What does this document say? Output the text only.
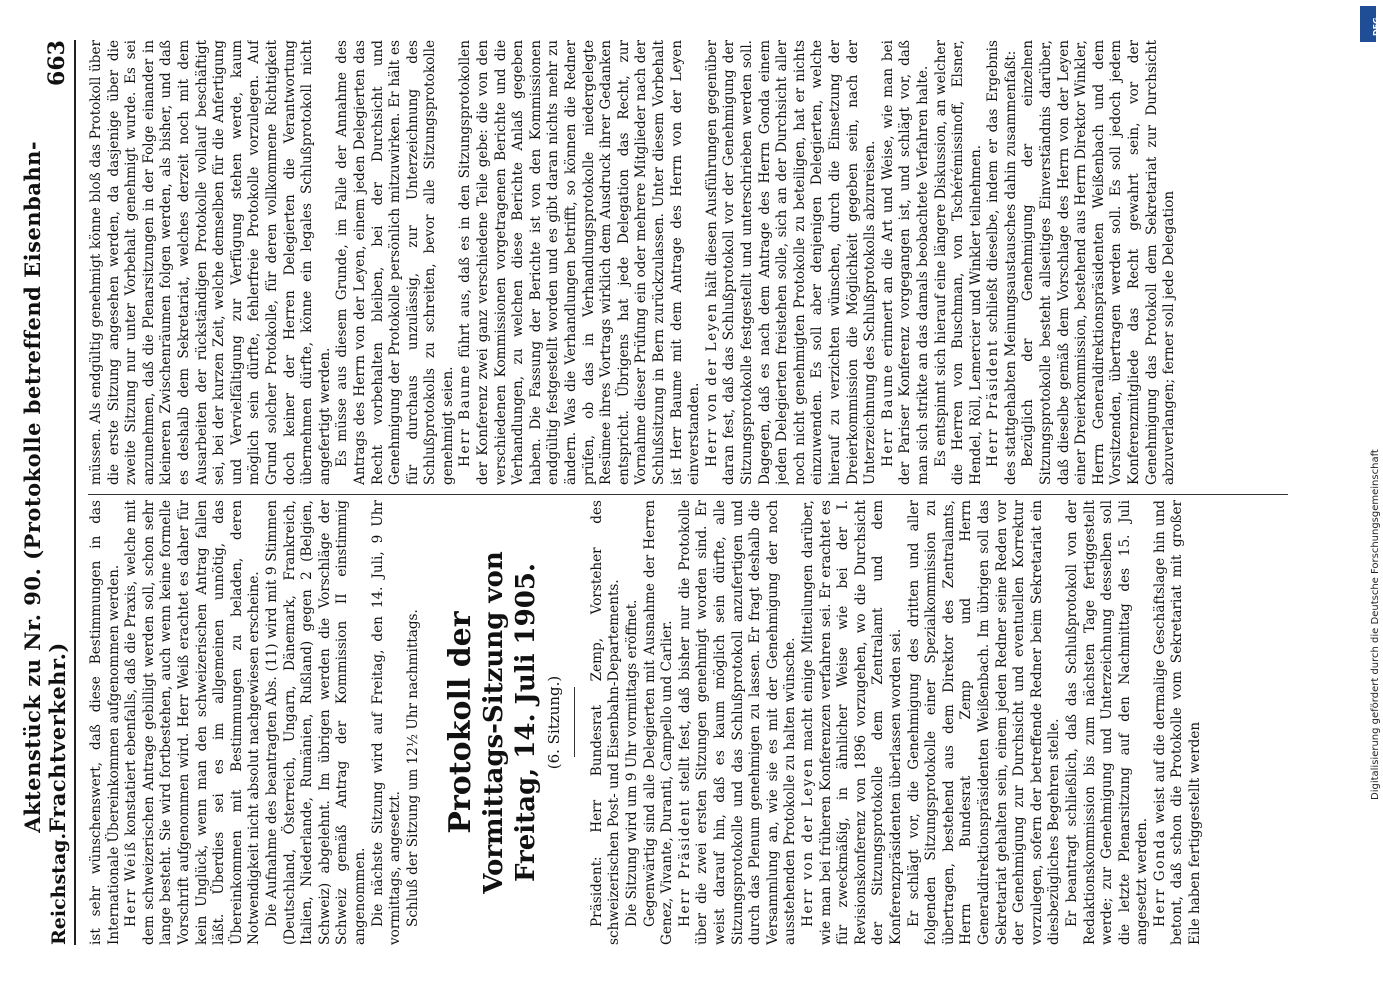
Reichstag.
Aktenstück zu Nr. 90. (Protokolle betreffend Eisenbahn-Frachtverkehr.)
663

ist sehr wünschenswert, daß diese Bestimmungen in das Internationale Übereinkommen aufgenommen werden. Herr Weiß konstatiert ebenfalls, daß die Praxis, welche mit dem schweizerischen Antrage gebilligt werden soll, schon sehr lange besteht. Sie wird fortbestehen, auch wenn keine formelle Vorschrift aufgenommen wird. Herr Weiß erachtet es daher für kein Unglück, wenn man den schweizerischen Antrag fallen läßt. Überdies sei es im allgemeinen unnötig, das Übereinkommen mit Bestimmungen zu beladen, deren Notwendigkeit nicht absolut nachgewiesen erscheine. Die Aufnahme des beantragten Abs. (11) wird mit 9 Stimmen (Deutschland, Österreich, Ungarn, Dänemark, Frankreich, Italien, Niederlande, Rumänien, Rußland) gegen 2 (Belgien, Schweiz) abgelehnt. Im übrigen werden die Vorschläge der Schweiz gemäß Antrag der Kommission II einstimmig angenommen. Die nächste Sitzung wird auf Freitag, den 14. Juli, 9 Uhr vormittags, angesetzt. Schluß der Sitzung um 12½ Uhr nachmittags. Protokoll der Vormittags-Sitzung von Freitag, 14. Juli 1905. (6. Sitzung.) Präsident: Herr Bundesrat Zemp, Vorsteher des schweizerischen Post- und Eisenbahn-Departements. Die Sitzung wird um 9 Uhr vormittags eröffnet. Gegenwärtig sind alle Delegierten mit Ausnahme der Herren Genez, Vivante, Duranti, Campello und Carlier. Herr Präsident stellt fest, daß bisher nur die Protokolle über die zwei ersten Sitzungen genehmigt worden sind. Er weist darauf hin, daß es kaum möglich sein dürfte, alle Sitzungsprotokolle und das Schlußprotokoll anzufertigen und durch das Plenum genehmigen zu lassen. Er fragt deshalb die Versammlung an, wie sie es mit der Genehmigung der noch ausstehenden Protokolle zu halten wünsche. Herr von der Leyen macht einige Mitteilungen darüber, wie man bei früheren Konferenzen verfahren sei. Er erachtet es für zweckmäßig, in ähnlicher Weise wie bei der I. Revisionskonferenz von 1896 vorzugehen, wo die Durchsicht der Sitzungsprotokolle dem Zentralamt und dem Konferenzpräsidenten überlassen worden sei. Er schlägt vor, die Genehmigung des dritten und aller folgenden Sitzungsprotokolle einer Spezialkommission zu übertragen, bestehend aus dem Direktor des Zentralamts, Herrn Bundesrat Zemp und Herrn Generaldirektionspräsidenten Weißenbach. Im übrigen soll das Sekretariat gehalten sein, einem jeden Redner seine Reden vor der Genehmigung zur Durchsicht und eventuellen Korrektur vorzulegen, sofern der betreffende Redner beim Sekretariat ein diesbezügliches Begehren stelle. Er beantragt schließlich, daß das Schlußprotokoll von der Redaktionskommission bis zum nächsten Tage fertiggestellt werde; zur Genehmigung und Unterzeichnung desselben soll die letzte Plenarsitzung auf den Nachmittag des 15. Juli angesetzt werden. Herr Gonda weist auf die dermalige Geschäftslage hin und betont, daß schon die Protokolle vom Sekretariat mit großer Eile haben fertiggestellt werden

müssen. Als endgültig genehmigt könne bloß das Protokoll über die erste Sitzung angesehen werden, da dasjenige über die zweite Sitzung nur unter Vorbehalt genehmigt wurde. Es sei anzunehmen, daß die Plenarsitzungen in der Folge einander in kleineren Zwischenräumen folgen werden, als bisher, und daß es deshalb dem Sekretariat, welches derzeit noch mit dem Ausarbeiten der rückständigen Protokolle vollauf beschäftigt sei, bei der kurzen Zeit, welche demselben für die Anfertigung und Vervielfältigung zur Verfügung stehen werde, kaum möglich sein dürfte, fehlerfreie Protokolle vorzulegen. Auf Grund solcher Protokolle, für deren vollkommene Richtigkeit doch keiner der Herren Delegierten die Verantwortung übernehmen dürfte, könne ein legales Schlußprotokoll nicht angefertigt werden. Es müsse aus diesem Grunde, im Falle der Annahme des Antrags des Herrn von der Leyen, einem jeden Delegierten das Recht vorbehalten bleiben, bei der Durchsicht und Genehmigung der Protokolle persönlich mitzuwirken. Er hält es für durchaus unzulässig, zur Unterzeichnung des Schlußprotokolls zu schreiten, bevor alle Sitzungsprotokolle genehmigt seien. Herr Baume führt aus, daß es in den Sitzungsprotokollen der Konferenz zwei ganz verschiedene Teile gebe: die von den verschiedenen Kommissionen vorgetragenen Berichte und die Verhandlungen, zu welchen diese Berichte Anlaß gegeben haben. Die Fassung der Berichte ist von den Kommissionen endgültig festgestellt worden und es gibt daran nichts mehr zu ändern. Was die Verhandlungen betrifft, so können die Redner prüfen, ob das in Verhandlungsprotokolle niedergelegte Resümee ihres Vortrags wirklich dem Ausdruck ihrer Gedanken entspricht. Übrigens hat jede Delegation das Recht, zur Vornahme dieser Prüfung ein oder mehrere Mitglieder nach der Schlußsitzung in Bern zurückzulassen. Unter diesem Vorbehalt ist Herr Baume mit dem Antrage des Herrn von der Leyen einverstanden. Herr von der Leyen hält diesen Ausführungen gegenüber daran fest, daß das Schlußprotokoll vor der Genehmigung der Sitzungsprotokolle festgestellt und unterschrieben werden soll. Dagegen, daß es nach dem Antrage des Herrn Gonda einem jeden Delegierten freistehen solle, sich an der Durchsicht aller noch nicht genehmigten Protokolle zu beteiligen, hat er nichts einzuwenden. Es soll aber denjenigen Delegierten, welche hierauf zu verzichten wünschen, durch die Einsetzung der Dreierkommission die Möglichkeit gegeben sein, nach der Unterzeichnung des Schlußprotokolls abzureisen. Herr Baume erinnert an die Art und Weise, wie man bei der Pariser Konferenz vorgegangen ist, und schlägt vor, daß man sich strikte an das damals beobachtete Verfahren halte. Es entspinnt sich hierauf eine längere Diskussion, an welcher die Herren von Buschman, von Tschérémissinoff, Elsner, Hendel, Röll, Lemercier und Winkler teilnehmen. Herr Präsident schließt dieselbe, indem er das Ergebnis des stattgehabten Meinungsaustausches dahin zusammenfaßt: Bezüglich der Genehmigung der einzelnen Sitzungsprotokolle besteht allseitiges Einverständnis darüber, daß dieselbe gemäß dem Vorschlage des Herrn von der Leyen einer Dreierkommission, bestehend aus Herrn Direktor Winkler, Herrn Generaldirektionspräsidenten Weißenbach und dem Vorsitzenden, übertragen werden soll. Es soll jedoch jedem Konferenzmitgliede das Recht gewahrt sein, vor der Genehmigung das Protokoll dem Sekretariat zur Durchsicht abzuverlangen; ferner soll jede Delegation

DFG
Digitalisierung gefördert durch die Deutsche Forschungsgemeinschaft
